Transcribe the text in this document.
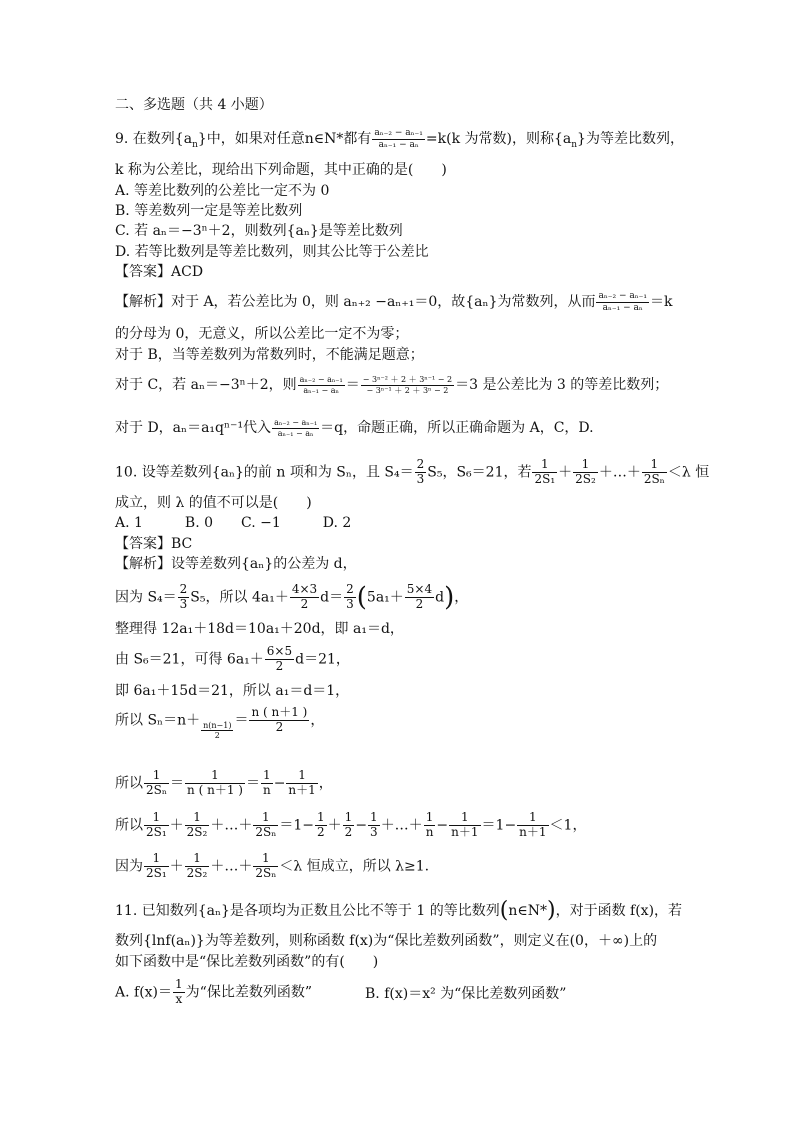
二、多选题（共 4 小题）
9. 在数列$\{a_n\}$中，如果对任意n∈N*都有 $\frac{\text{aₙ₋₂ − aₙ₋₁}}{\text{aₙ₋₁ − aₙ}} =k(k$ 为常数)，则称$\{a_n\}$为等差比数列，
k 称为公差比，现给出下列命题，其中正确的是(　　)
A. 等差比数列的公差比一定不为 0
B. 等差数列一定是等差比数列
C. 若 aₙ＝−3ⁿ＋2，则数列{aₙ}是等差比数列
D. 若等比数列是等差比数列，则其公比等于公差比
【答案】ACD
【解析】对于 A，若公差比为 0，则 aₙ₊₂ −aₙ₊₁＝0，故{aₙ}为常数列，从而 $\frac{\text{aₙ₋₂ − aₙ₋₁}}{\text{aₙ₋₁ − aₙ}} =k$
的分母为 0，无意义，所以公差比一定不为零；
对于 B，当等差数列为常数列时，不能满足题意；
对于 C，若 aₙ＝−3ⁿ＋2，则 $\frac{\text{aₙ₋₂ − aₙ₋₁}}{\text{aₙ₋₁ − aₙ}} = \frac{\text{− 3ⁿ⁻² ＋ 2 ＋ 3ⁿ⁻¹ − 2}}{\text{− 3ⁿ⁻¹ ＋ 2 ＋ 3ⁿ − 2}} =3$ 是公差比为 3 的等差比数列；
对于 D，aₙ＝a₁qⁿ⁻¹代入 $\frac{\text{aₙ₋₂ − aₙ₋₁}}{\text{aₙ₋₁ − aₙ}} =q$，命题正确，所以正确命题为 A，C，D.
10. 设等差数列{aₙ}的前 n 项和为 Sₙ，且 $S_4= \frac{2}{3} S_5$，S₆＝21，若 $\frac{1}{\text{2S₁}} + \frac{1}{\text{2S₂}}$ ＋…＋ $\frac{1}{\text{2Sₙ}} <\lambda$ 恒
成立，则 λ 的值不可以是(　　)
A. 1　　　B. 0　　C. −1　　　D. 2
【答案】BC
【解析】设等差数列{aₙ}的公差为 d，
因为 $S_4= \frac{2}{3} S_5$，所以 $4a_1+ \frac{4\times 3}{2} d= \frac{2}{3} (5a_1+ \frac{5\times 4}{2} d)$，
整理得 12a₁＋18d＝10a₁＋20d，即 a₁＝d，
由 S₆＝21，可得 $6a_1+ \frac{6\times 5}{2} d=21$，
即 6a₁＋15d＝21，所以 a₁＝d＝1，
所以 Sₙ＝n＋
$\frac{n(n-1)}{2}$
＝ $\frac{n ( n+1 )}{2}$ ，
所以 $\frac{1}{\text{2Sₙ}} = \frac{1}{n ( n+1 )} = \frac{1}{n} - \frac{1}{n+1}$ ，
所以 $\frac{1}{\text{2S₁}} + \frac{1}{\text{2S₂}}$ ＋…＋ $\frac{1}{\text{2Sₙ}} =1- \frac{1}{2} + \frac{1}{2} - \frac{1}{3}$ ＋…＋ $\frac{1}{n} - \frac{1}{n+1} =1- \frac{1}{n+1} <1$，
因为 $\frac{1}{\text{2S₁}} + \frac{1}{\text{2S₂}}$ ＋…＋ $\frac{1}{\text{2Sₙ}} <\lambda$ 恒成立，所以 λ≥1.
11. 已知数列{aₙ}是各项均为正数且公比不等于 1 的等比数列(n∈N*)，对于函数 f(x)，若
数列{lnf(aₙ)}为等差数列，则称函数 f(x)为“保比差数列函数”，则定义在(0，＋∞)上的
如下函数中是“保比差数列函数”的有(　　)
A. $f(x)= \frac{1}{x}$ 为“保比差数列函数”	B. f(x)＝x² 为“保比差数列函数”
